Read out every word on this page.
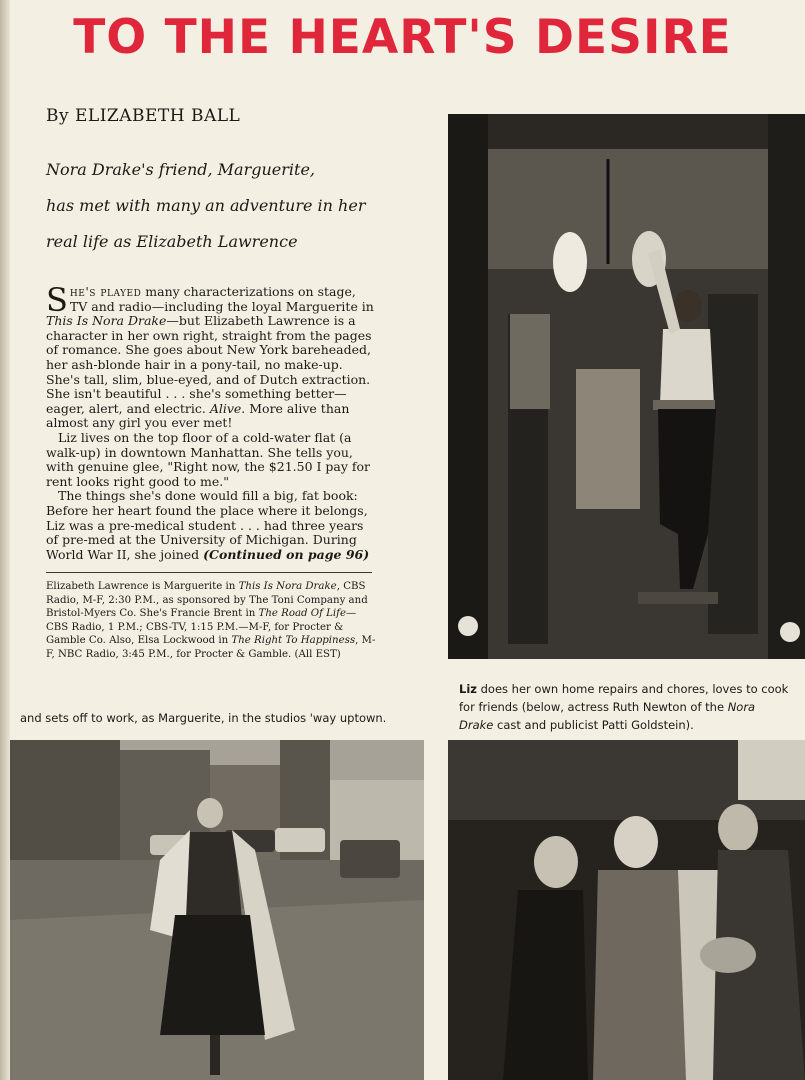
TO THE HEART'S DESIRE
By ELIZABETH BALL
Nora Drake's friend, Marguerite,
has met with many an adventure in her
real life as Elizabeth Lawrence

She's played many characterizations on stage, TV and radio—including the loyal Marguerite in This Is Nora Drake—but Elizabeth Lawrence is a character in her own right, straight from the pages of romance. She goes about New York bareheaded, her ash-blonde hair in a pony-tail, no make-up. She's tall, slim, blue-eyed, and of Dutch extraction. She isn't beautiful . . . she's something better—eager, alert, and electric. Alive. More alive than almost any girl you ever met!

Liz lives on the top floor of a cold-water flat (a walk-up) in downtown Manhattan. She tells you, with genuine glee, "Right now, the $21.50 I pay for rent looks right good to me."

The things she's done would fill a big, fat book: Before her heart found the place where it belongs, Liz was a pre-medical student . . . had three years of pre-med at the University of Michigan. During World War II, she joined (Continued on page 96)

Elizabeth Lawrence is Marguerite in This Is Nora Drake, CBS Radio, M-F, 2:30 P.M., as sponsored by The Toni Company and Bristol-Myers Co. She's Francie Brent in The Road Of Life—CBS Radio, 1 P.M.; CBS-TV, 1:15 P.M.—M-F, for Procter & Gamble Co. Also, Elsa Lockwood in The Right To Happiness, M-F, NBC Radio, 3:45 P.M., for Procter & Gamble. (All EST)
Liz does her own home repairs and chores, loves to cook for friends (below, actress Ruth Newton of the Nora Drake cast and publicist Patti Goldstein).
and sets off to work, as Marguerite, in the studios 'way uptown.
